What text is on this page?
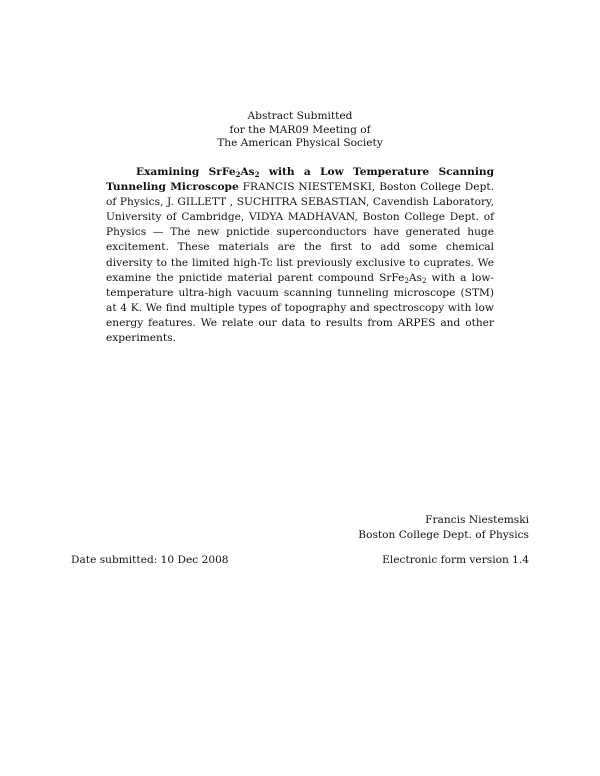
Abstract Submitted
for the MAR09 Meeting of
The American Physical Society

Examining $SrFe_2As_2$ with a Low Temperature Scanning Tunneling Microscope FRANCIS NIESTEMSKI, Boston College Dept. of Physics, J. GILLETT , SUCHITRA SEBASTIAN, Cavendish Laboratory, University of Cambridge, VIDYA MADHAVAN, Boston College Dept. of Physics — The new pnictide superconductors have generated huge excitement. These materials are the first to add some chemical diversity to the limited high-Tc list previously exclusive to cuprates. We examine the pnictide material parent compound $SrFe_2As_2$ with a low-temperature ultra-high vacuum scanning tunneling microscope (STM) at 4 K. We find multiple types of topography and spectroscopy with low energy features. We relate our data to results from ARPES and other experiments.

Francis Niestemski
Boston College Dept. of Physics
Date submitted: 10 Dec 2008	Electronic form version 1.4
